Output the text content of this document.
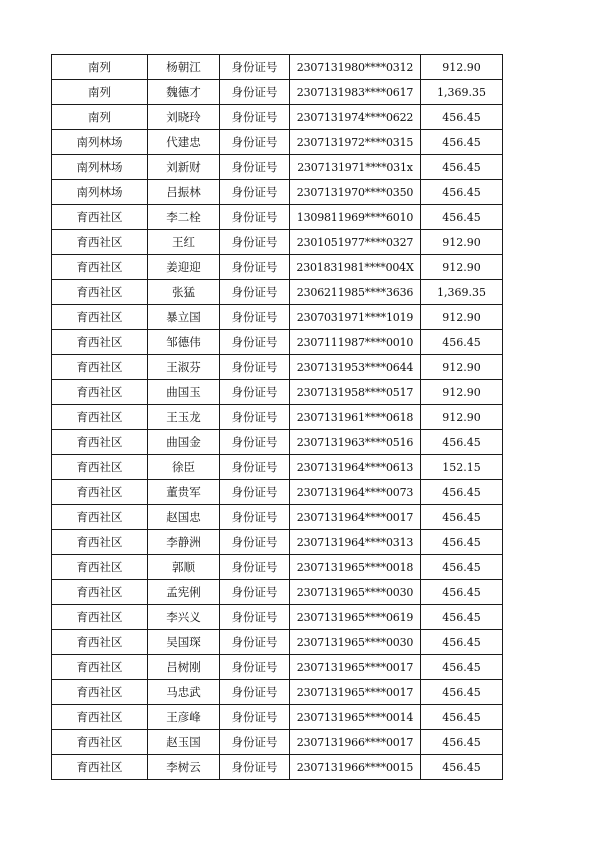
南列	杨朝江	身份证号	2307131980****0312	912.90
南列	魏德才	身份证号	2307131983****0617	1,369.35
南列	刘晓玲	身份证号	2307131974****0622	456.45
南列林场	代建忠	身份证号	2307131972****0315	456.45
南列林场	刘新财	身份证号	2307131971****031x	456.45
南列林场	吕振林	身份证号	2307131970****0350	456.45
育西社区	李二栓	身份证号	1309811969****6010	456.45
育西社区	王红	身份证号	2301051977****0327	912.90
育西社区	姜迎迎	身份证号	2301831981****004X	912.90
育西社区	张猛	身份证号	2306211985****3636	1,369.35
育西社区	暴立国	身份证号	2307031971****1019	912.90
育西社区	邹德伟	身份证号	2307111987****0010	456.45
育西社区	王淑芬	身份证号	2307131953****0644	912.90
育西社区	曲国玉	身份证号	2307131958****0517	912.90
育西社区	王玉龙	身份证号	2307131961****0618	912.90
育西社区	曲国金	身份证号	2307131963****0516	456.45
育西社区	徐臣	身份证号	2307131964****0613	152.15
育西社区	董贵军	身份证号	2307131964****0073	456.45
育西社区	赵国忠	身份证号	2307131964****0017	456.45
育西社区	李静洲	身份证号	2307131964****0313	456.45
育西社区	郭顺	身份证号	2307131965****0018	456.45
育西社区	孟宪俐	身份证号	2307131965****0030	456.45
育西社区	李兴义	身份证号	2307131965****0619	456.45
育西社区	吴国琛	身份证号	2307131965****0030	456.45
育西社区	吕树刚	身份证号	2307131965****0017	456.45
育西社区	马忠武	身份证号	2307131965****0017	456.45
育西社区	王彦峰	身份证号	2307131965****0014	456.45
育西社区	赵玉国	身份证号	2307131966****0017	456.45
育西社区	李树云	身份证号	2307131966****0015	456.45
